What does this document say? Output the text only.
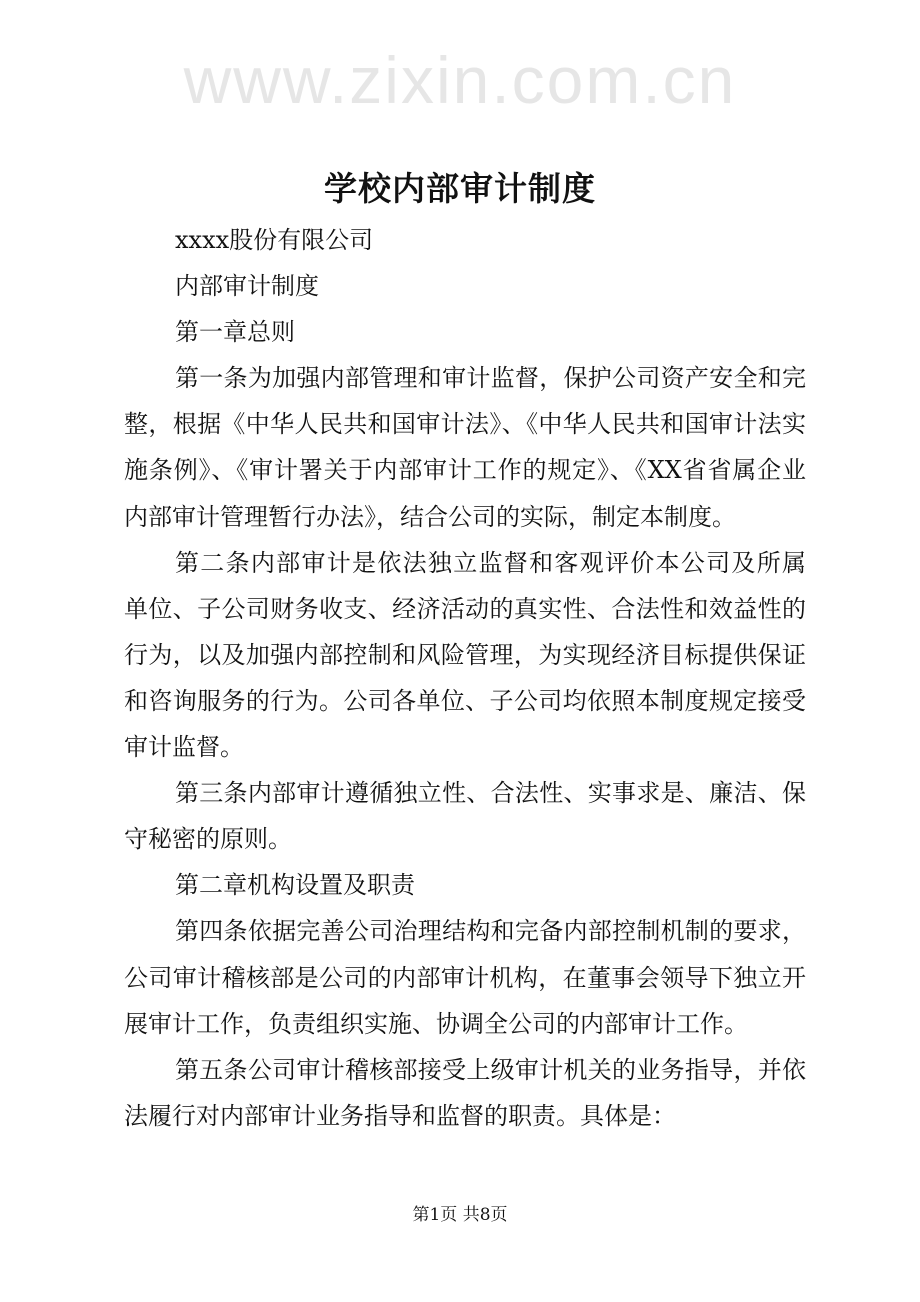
www.zixin.com.cn
学校内部审计制度
xxxx股份有限公司
内部审计制度
第一章总则
第一条为加强内部管理和审计监督，保护公司资产安全和完
整，根据《中华人民共和国审计法》、《中华人民共和国审计法实
施条例》、《审计署关于内部审计工作的规定》、《XX省省属企业
内部审计管理暂行办法》，结合公司的实际，制定本制度。
第二条内部审计是依法独立监督和客观评价本公司及所属
单位、子公司财务收支、经济活动的真实性、合法性和效益性的
行为，以及加强内部控制和风险管理，为实现经济目标提供保证
和咨询服务的行为。公司各单位、子公司均依照本制度规定接受
审计监督。
第三条内部审计遵循独立性、合法性、实事求是、廉洁、保
守秘密的原则。
第二章机构设置及职责
第四条依据完善公司治理结构和完备内部控制机制的要求，
公司审计稽核部是公司的内部审计机构，在董事会领导下独立开
展审计工作，负责组织实施、协调全公司的内部审计工作。
第五条公司审计稽核部接受上级审计机关的业务指导，并依
法履行对内部审计业务指导和监督的职责。具体是：
第1页 共8页
